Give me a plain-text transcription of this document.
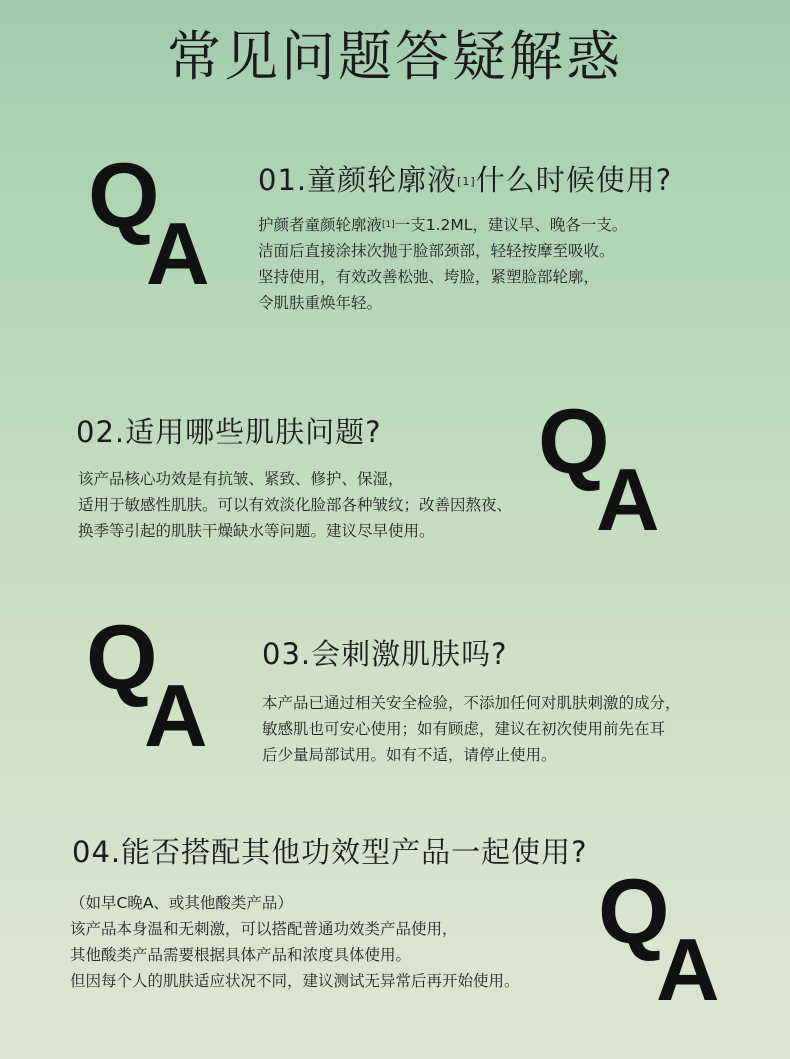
常见问题答疑解惑
Q
A
01.童颜轮廓液[1]什么时候使用?
护颜者童颜轮廓液[1]一支1.2ML，建议早、晚各一支。
洁面后直接涂抹次抛于脸部颈部，轻轻按摩至吸收。
坚持使用，有效改善松弛、垮脸，紧塑脸部轮廓，
令肌肤重焕年轻。
02.适用哪些肌肤问题?
该产品核心功效是有抗皱、紧致、修护、保湿，
适用于敏感性肌肤。可以有效淡化脸部各种皱纹；改善因熬夜、
换季等引起的肌肤干燥缺水等问题。建议尽早使用。
Q
A
Q
A
03.会刺激肌肤吗?
本产品已通过相关安全检验，不添加任何对肌肤刺激的成分，
敏感肌也可安心使用；如有顾虑，建议在初次使用前先在耳
后少量局部试用。如有不适，请停止使用。
04.能否搭配其他功效型产品一起使用?
（如早C晚A、或其他酸类产品）
该产品本身温和无刺激，可以搭配普通功效类产品使用，
其他酸类产品需要根据具体产品和浓度具体使用。
但因每个人的肌肤适应状况不同，建议测试无异常后再开始使用。
Q
A
